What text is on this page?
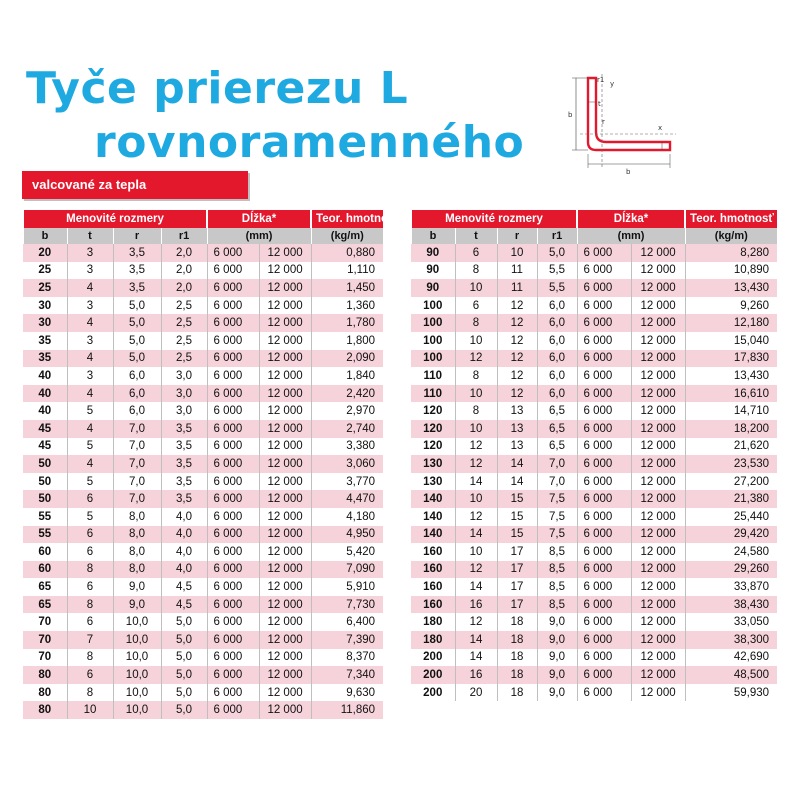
Tyče prierezu L
rovnoramenného
r1 y
t
r
b
x
b
valcované za tepla
Menovité rozmery				Dĺžka*		Teor. hmotnosť
b	t	r	r1	(mm)		(kg/m)
20	3	3,5	2,0	6 000	12 000	0,880
25	3	3,5	2,0	6 000	12 000	1,110
25	4	3,5	2,0	6 000	12 000	1,450
30	3	5,0	2,5	6 000	12 000	1,360
30	4	5,0	2,5	6 000	12 000	1,780
35	3	5,0	2,5	6 000	12 000	1,800
35	4	5,0	2,5	6 000	12 000	2,090
40	3	6,0	3,0	6 000	12 000	1,840
40	4	6,0	3,0	6 000	12 000	2,420
40	5	6,0	3,0	6 000	12 000	2,970
45	4	7,0	3,5	6 000	12 000	2,740
45	5	7,0	3,5	6 000	12 000	3,380
50	4	7,0	3,5	6 000	12 000	3,060
50	5	7,0	3,5	6 000	12 000	3,770
50	6	7,0	3,5	6 000	12 000	4,470
55	5	8,0	4,0	6 000	12 000	4,180
55	6	8,0	4,0	6 000	12 000	4,950
60	6	8,0	4,0	6 000	12 000	5,420
60	8	8,0	4,0	6 000	12 000	7,090
65	6	9,0	4,5	6 000	12 000	5,910
65	8	9,0	4,5	6 000	12 000	7,730
70	6	10,0	5,0	6 000	12 000	6,400
70	7	10,0	5,0	6 000	12 000	7,390
70	8	10,0	5,0	6 000	12 000	8,370
80	6	10,0	5,0	6 000	12 000	7,340
80	8	10,0	5,0	6 000	12 000	9,630
80	10	10,0	5,0	6 000	12 000	11,860
Menovité rozmery				Dĺžka*		Teor. hmotnosť
b	t	r	r1	(mm)		(kg/m)
90	6	10	5,0	6 000	12 000	8,280
90	8	11	5,5	6 000	12 000	10,890
90	10	11	5,5	6 000	12 000	13,430
100	6	12	6,0	6 000	12 000	9,260
100	8	12	6,0	6 000	12 000	12,180
100	10	12	6,0	6 000	12 000	15,040
100	12	12	6,0	6 000	12 000	17,830
110	8	12	6,0	6 000	12 000	13,430
110	10	12	6,0	6 000	12 000	16,610
120	8	13	6,5	6 000	12 000	14,710
120	10	13	6,5	6 000	12 000	18,200
120	12	13	6,5	6 000	12 000	21,620
130	12	14	7,0	6 000	12 000	23,530
130	14	14	7,0	6 000	12 000	27,200
140	10	15	7,5	6 000	12 000	21,380
140	12	15	7,5	6 000	12 000	25,440
140	14	15	7,5	6 000	12 000	29,420
160	10	17	8,5	6 000	12 000	24,580
160	12	17	8,5	6 000	12 000	29,260
160	14	17	8,5	6 000	12 000	33,870
160	16	17	8,5	6 000	12 000	38,430
180	12	18	9,0	6 000	12 000	33,050
180	14	18	9,0	6 000	12 000	38,300
200	14	18	9,0	6 000	12 000	42,690
200	16	18	9,0	6 000	12 000	48,500
200	20	18	9,0	6 000	12 000	59,930
